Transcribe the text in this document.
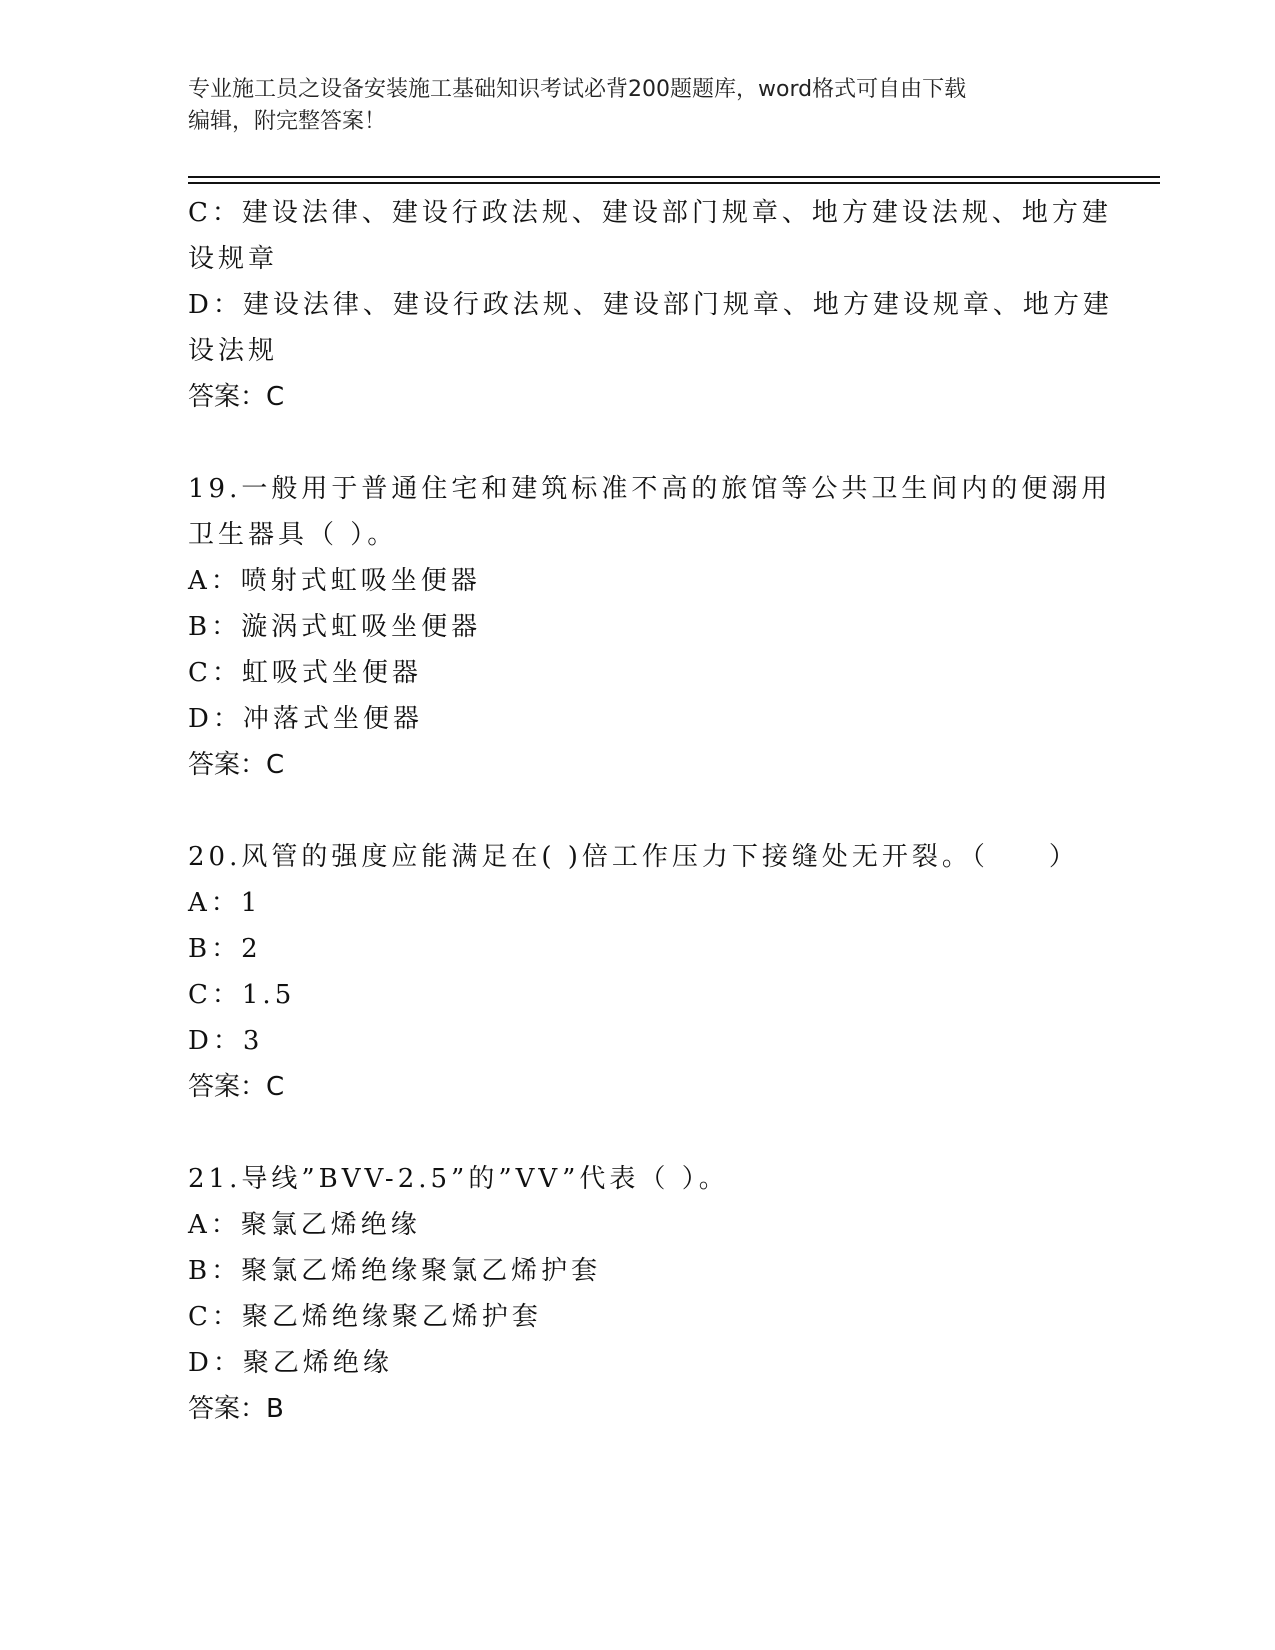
专业施工员之设备安装施工基础知识考试必背200题题库，word格式可自由下载
编辑，附完整答案！
C：建设法律、建设行政法规、建设部门规章、地方建设法规、地方建
设规章
D：建设法律、建设行政法规、建设部门规章、地方建设规章、地方建
设法规
答案：C
19.一般用于普通住宅和建筑标准不高的旅馆等公共卫生间内的便溺用
卫生器具（ ）。
A：喷射式虹吸坐便器
B：漩涡式虹吸坐便器
C：虹吸式坐便器
D：冲落式坐便器
答案：C
20.风管的强度应能满足在( )倍工作压力下接缝处无开裂。（　　）
A：1
B：2
C：1.5
D：3
答案：C
21.导线”BVV-2.5”的”VV”代表（ ）。
A：聚氯乙烯绝缘
B：聚氯乙烯绝缘聚氯乙烯护套
C：聚乙烯绝缘聚乙烯护套
D：聚乙烯绝缘
答案：B
